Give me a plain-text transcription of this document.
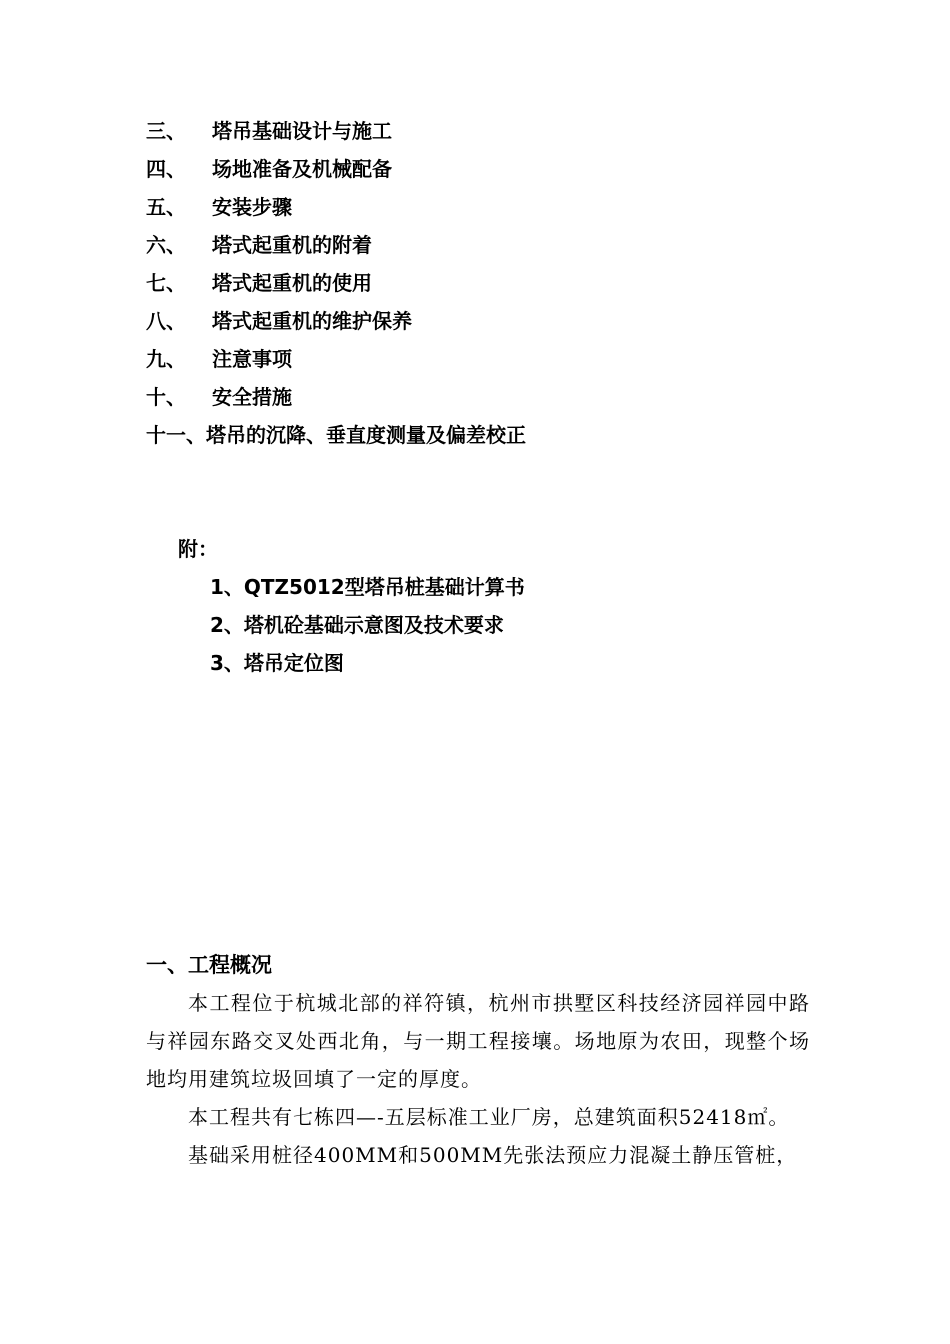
三、 塔吊基础设计与施工
四、 场地准备及机械配备
五、 安装步骤
六、 塔式起重机的附着
七、 塔式起重机的使用
八、 塔式起重机的维护保养
九、 注意事项
十、 安全措施
十一、塔吊的沉降、垂直度测量及偏差校正
附：
1、QTZ5012型塔吊桩基础计算书
2、塔机砼基础示意图及技术要求
3、塔吊定位图
一、工程概况

本工程位于杭城北部的祥符镇，杭州市拱墅区科技经济园祥园中路与祥园东路交叉处西北角，与一期工程接壤。场地原为农田，现整个场地均用建筑垃圾回填了一定的厚度。

本工程共有七栋四—-五层标准工业厂房，总建筑面积52418㎡。

基础采用桩径400MM和500MM先张法预应力混凝土静压管桩，
